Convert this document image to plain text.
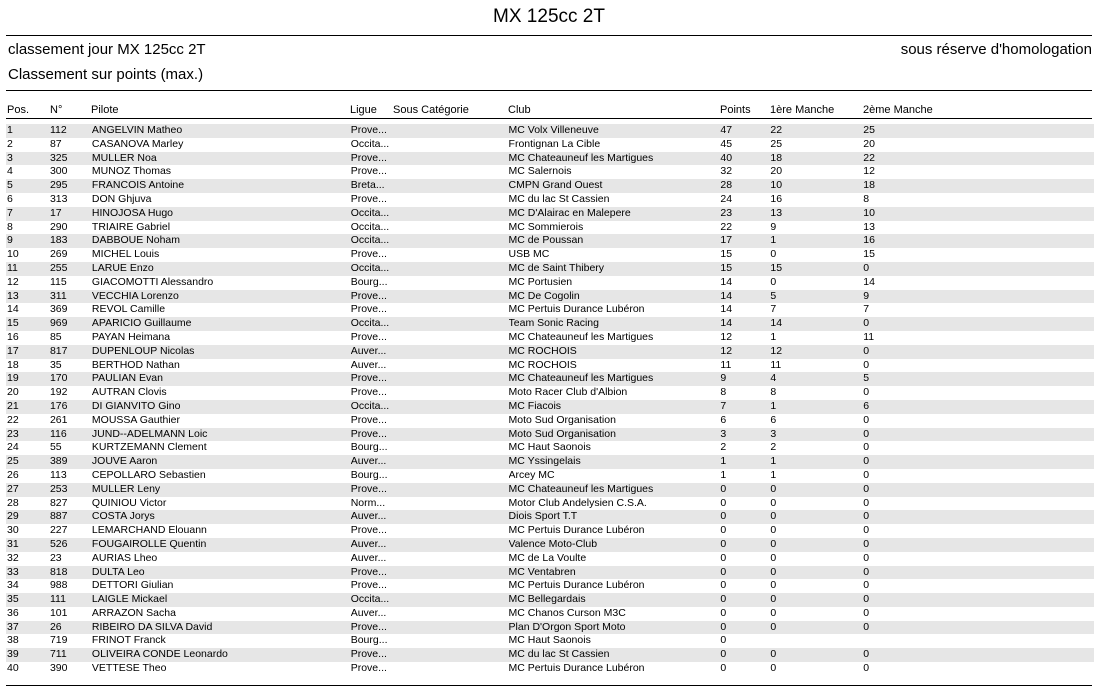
MX 125cc 2T
classement jour MX 125cc 2T	sous réserve d'homologation
Classement sur points (max.)
Pos. N°	Pilote	Ligue Sous Catégorie	Club	Points 1ère Manche	2ème Manche
1	112	ANGELVIN Matheo	Prove...		MC Volx Villeneuve	47	22	25
2	87	CASANOVA Marley	Occita...		Frontignan La Cible	45	25	20
3	325	MULLER Noa	Prove...		MC Chateauneuf les Martigues	40	18	22
4	300	MUNOZ Thomas	Prove...		MC Salernois	32	20	12
5	295	FRANCOIS Antoine	Breta...		CMPN Grand Ouest	28	10	18
6	313	DON Ghjuva	Prove...		MC du lac St Cassien	24	16	8
7	17	HINOJOSA Hugo	Occita...		MC D'Alairac en Malepere	23	13	10
8	290	TRIAIRE Gabriel	Occita...		MC Sommierois	22	9	13
9	183	DABBOUE Noham	Occita...		MC de Poussan	17	1	16
10	269	MICHEL Louis	Prove...		USB MC	15	0	15
11	255	LARUE Enzo	Occita...		MC de Saint Thibery	15	15	0
12	115	GIACOMOTTI Alessandro	Bourg...		MC Portusien	14	0	14
13	311	VECCHIA Lorenzo	Prove...		MC De Cogolin	14	5	9
14	369	REVOL Camille	Prove...		MC Pertuis Durance Lubéron	14	7	7
15	969	APARICIO Guillaume	Occita...		Team Sonic Racing	14	14	0
16	85	PAYAN Heimana	Prove...		MC Chateauneuf les Martigues	12	1	11
17	817	DUPENLOUP Nicolas	Auver...		MC ROCHOIS	12	12	0
18	35	BERTHOD Nathan	Auver...		MC ROCHOIS	11	11	0
19	170	PAULIAN Evan	Prove...		MC Chateauneuf les Martigues	9	4	5
20	192	AUTRAN Clovis	Prove...		Moto Racer Club d'Albion	8	8	0
21	176	DI GIANVITO Gino	Occita...		MC Fiacois	7	1	6
22	261	MOUSSA Gauthier	Prove...		Moto Sud Organisation	6	6	0
23	116	JUND--ADELMANN Loic	Prove...		Moto Sud Organisation	3	3	0
24	55	KURTZEMANN Clement	Bourg...		MC Haut Saonois	2	2	0
25	389	JOUVE Aaron	Auver...		MC Yssingelais	1	1	0
26	113	CEPOLLARO Sebastien	Bourg...		Arcey MC	1	1	0
27	253	MULLER Leny	Prove...		MC Chateauneuf les Martigues	0	0	0
28	827	QUINIOU Victor	Norm...		Motor Club Andelysien C.S.A.	0	0	0
29	887	COSTA Jorys	Auver...		Diois Sport T.T	0	0	0
30	227	LEMARCHAND Elouann	Prove...		MC Pertuis Durance Lubéron	0	0	0
31	526	FOUGAIROLLE Quentin	Auver...		Valence Moto-Club	0	0	0
32	23	AURIAS Lheo	Auver...		MC de La Voulte	0	0	0
33	818	DULTA Leo	Prove...		MC Ventabren	0	0	0
34	988	DETTORI Giulian	Prove...		MC Pertuis Durance Lubéron	0	0	0
35	111	LAIGLE Mickael	Occita...		MC Bellegardais	0	0	0
36	101	ARRAZON Sacha	Auver...		MC Chanos Curson M3C	0	0	0
37	26	RIBEIRO DA SILVA David	Prove...		Plan D'Orgon Sport Moto	0	0	0
38	719	FRINOT Franck	Bourg...		MC Haut Saonois	0		
39	711	OLIVEIRA CONDE Leonardo	Prove...		MC du lac St Cassien	0	0	0
40	390	VETTESE Theo	Prove...		MC Pertuis Durance Lubéron	0	0	0
